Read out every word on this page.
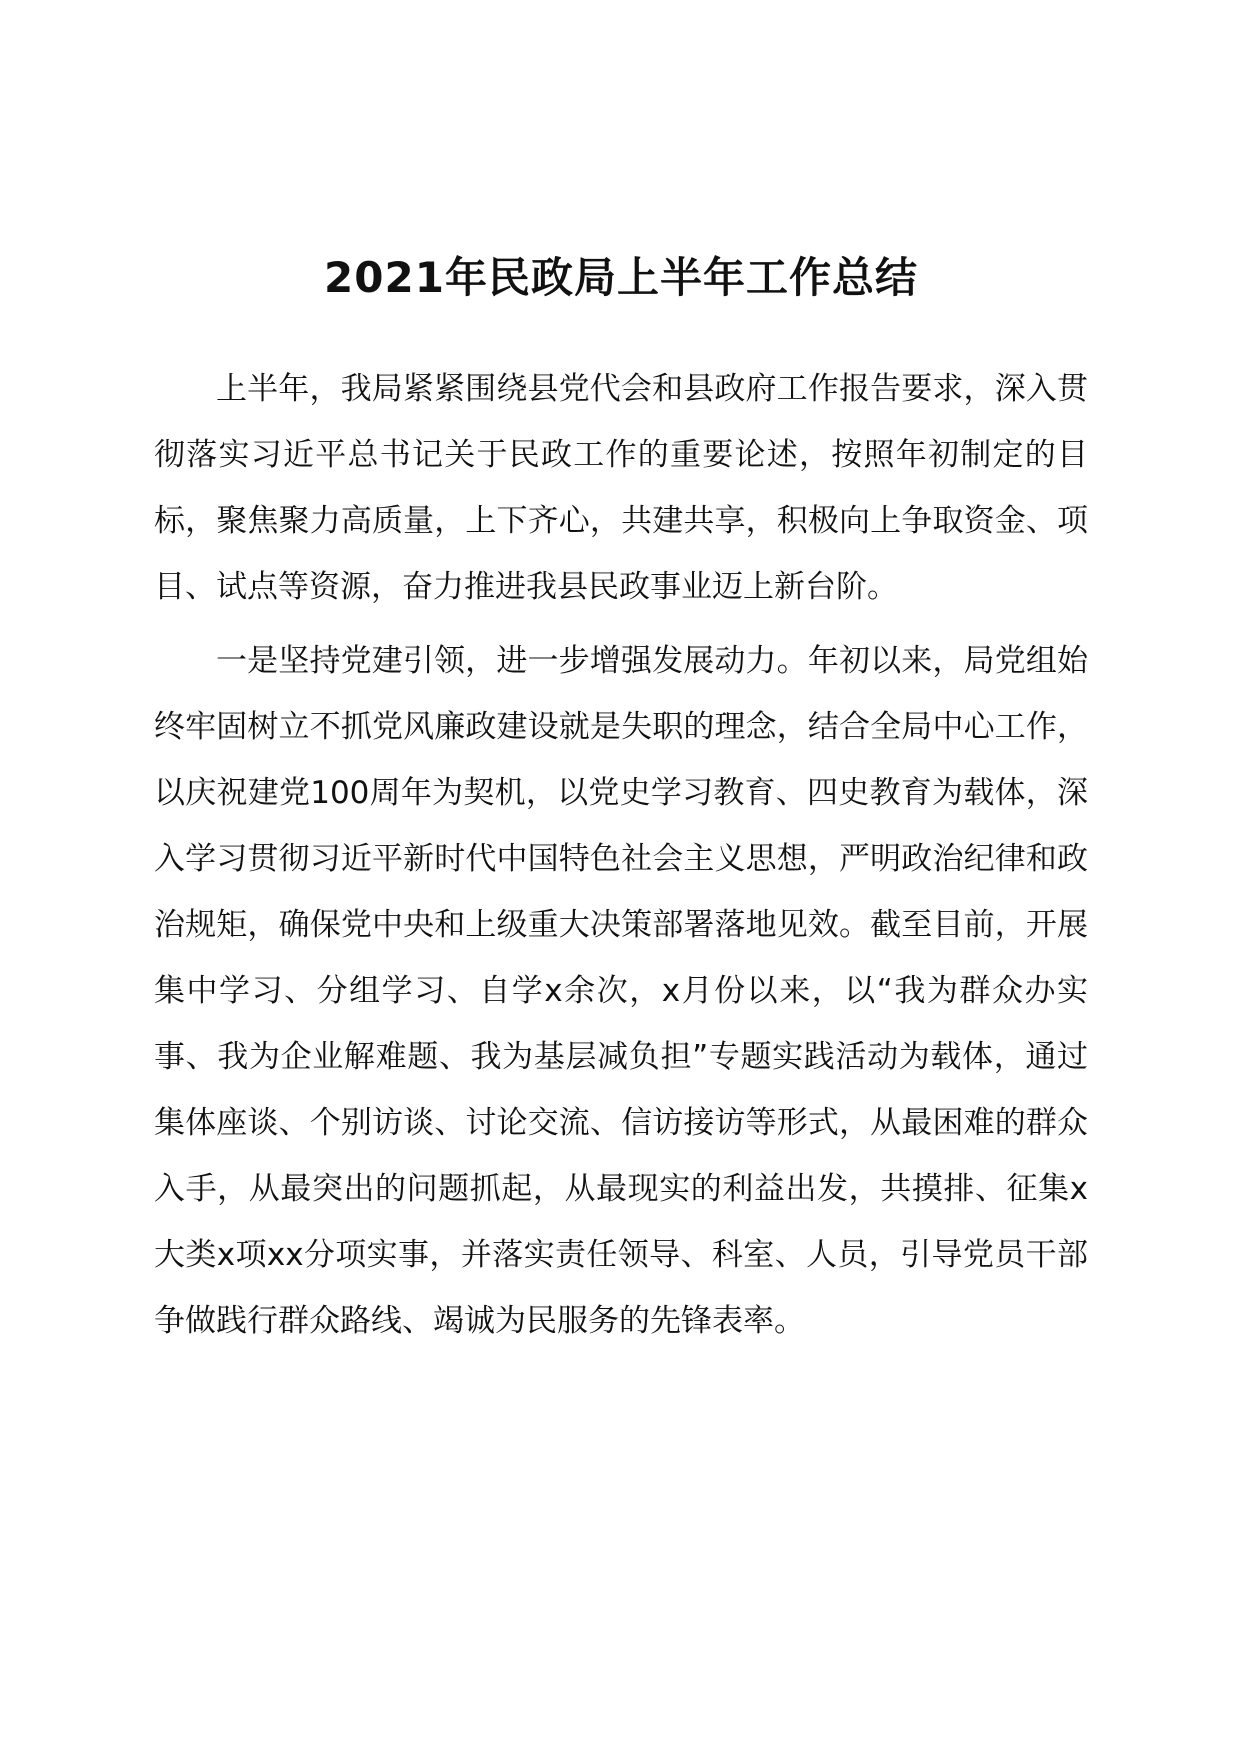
2021年民政局上半年工作总结

上半年，我局紧紧围绕县党代会和县政府工作报告要求，深入贯彻落实习近平总书记关于民政工作的重要论述，按照年初制定的目标，聚焦聚力高质量，上下齐心，共建共享，积极向上争取资金、项目、试点等资源，奋力推进我县民政事业迈上新台阶。

一是坚持党建引领，进一步增强发展动力。年初以来，局党组始终牢固树立不抓党风廉政建设就是失职的理念，结合全局中心工作，以庆祝建党100周年为契机，以党史学习教育、四史教育为载体，深入学习贯彻习近平新时代中国特色社会主义思想，严明政治纪律和政治规矩，确保党中央和上级重大决策部署落地见效。截至目前，开展集中学习、分组学习、自学x余次，x月份以来，以“我为群众办实事、我为企业解难题、我为基层减负担”专题实践活动为载体，通过集体座谈、个别访谈、讨论交流、信访接访等形式，从最困难的群众入手，从最突出的问题抓起，从最现实的利益出发，共摸排、征集x大类x项xx分项实事，并落实责任领导、科室、人员，引导党员干部争做践行群众路线、竭诚为民服务的先锋表率。
